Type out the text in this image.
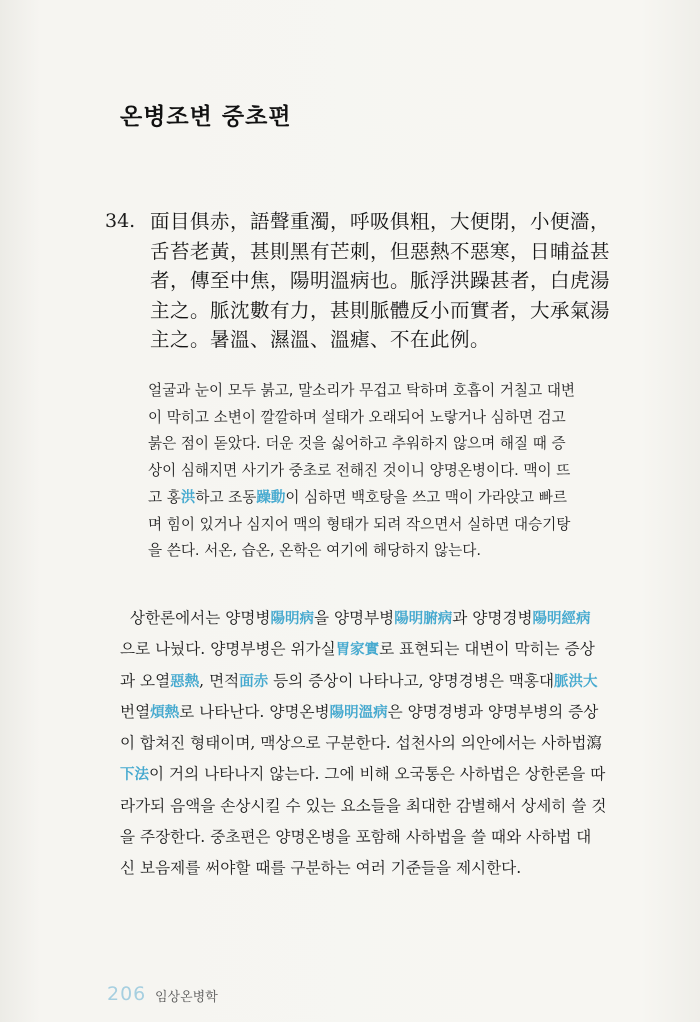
온병조변 중초편
34. 面目俱赤，語聲重濁，呼吸俱粗，大便閉，小便濇，
舌苔老黃，甚則黑有芒刺，但惡熱不惡寒，日晡益甚
者，傳至中焦，陽明溫病也。脈浮洪躁甚者，白虎湯
主之。脈沈數有力，甚則脈體反小而實者，大承氣湯
主之。暑溫、濕溫、溫瘧、不在此例。
얼굴과 눈이 모두 붉고, 말소리가 무겁고 탁하며 호흡이 거칠고 대변
이 막히고 소변이 깔깔하며 설태가 오래되어 노랗거나 심하면 검고
붉은 점이 돋았다. 더운 것을 싫어하고 추워하지 않으며 해질 때 증
상이 심해지면 사기가 중초로 전해진 것이니 양명온병이다. 맥이 뜨
고 홍洪하고 조동躁動이 심하면 백호탕을 쓰고 맥이 가라앉고 빠르
며 힘이 있거나 심지어 맥의 형태가 되려 작으면서 실하면 대승기탕
을 쓴다. 서온, 습온, 온학은 여기에 해당하지 않는다.
상한론에서는 양명병陽明病을 양명부병陽明腑病과 양명경병陽明經病
으로 나눴다. 양명부병은 위가실胃家實로 표현되는 대변이 막히는 증상
과 오열惡熱, 면적面赤 등의 증상이 나타나고, 양명경병은 맥홍대脈洪大
번열煩熱로 나타난다. 양명온병陽明溫病은 양명경병과 양명부병의 증상
이 합쳐진 형태이며, 맥상으로 구분한다. 섭천사의 의안에서는 사하법瀉
下法이 거의 나타나지 않는다. 그에 비해 오국통은 사하법은 상한론을 따
라가되 음액을 손상시킬 수 있는 요소들을 최대한 감별해서 상세히 쓸 것
을 주장한다. 중초편은 양명온병을 포함해 사하법을 쓸 때와 사하법 대
신 보음제를 써야할 때를 구분하는 여러 기준들을 제시한다.
206 임상온병학
